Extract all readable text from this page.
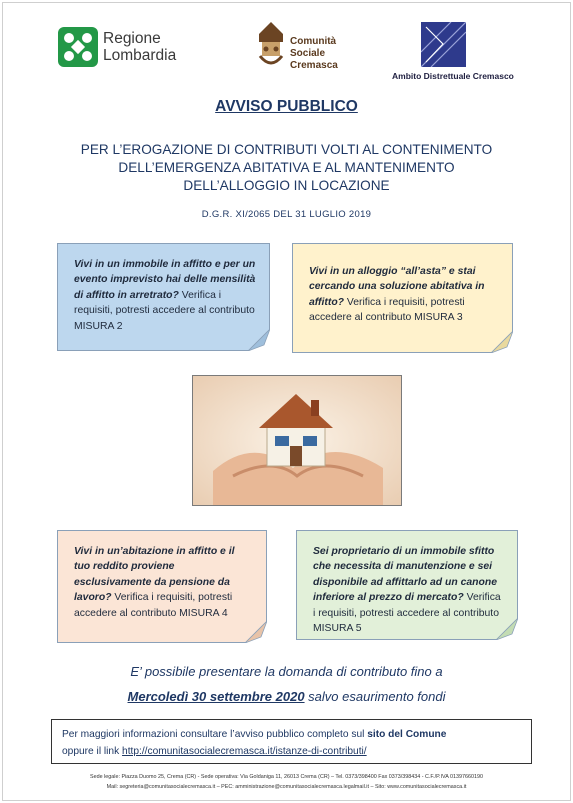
Regione
Lombardia
Comunità
Sociale
Cremasca
Ambito Distrettuale Cremasco
AVVISO PUBBLICO
PER L’EROGAZIONE DI CONTRIBUTI VOLTI AL CONTENIMENTO
DELL’EMERGENZA ABITATIVA E AL MANTENIMENTO
DELL’ALLOGGIO IN LOCAZIONE
D.G.R. XI/2065 DEL 31 LUGLIO 2019
Vivi in un immobile in affitto e per un evento imprevisto hai delle mensilità di affitto in arretrato? Verifica i requisiti, potresti accedere al contributo MISURA 2
Vivi in un alloggio “all’asta” e stai cercando una soluzione abitativa in affitto? Verifica i requisiti, potresti accedere al contributo MISURA 3
Vivi in un’abitazione in affitto e il tuo reddito proviene esclusivamente da pensione da lavoro? Verifica i requisiti, potresti accedere al contributo MISURA 4
Sei proprietario di un immobile sfitto che necessita di manutenzione e sei disponibile ad affittarlo ad un canone inferiore al prezzo di mercato? Verifica i requisiti, potresti accedere al contributo MISURA 5
E’ possibile presentare la domanda di contributo fino a
Mercoledì 30 settembre 2020 salvo esaurimento fondi
Per maggiori informazioni consultare l’avviso pubblico completo sul sito del Comune
oppure il link http://comunitasocialecremasca.it/istanze-di-contributi/
Sede legale: Piazza Duomo 25, Crema (CR) - Sede operativa: Via Goldaniga 11, 26013 Crema (CR) – Tel. 0373/398400 Fax 0373/398434 - C.F./P.IVA 01397660190
Mail: segreteria@comunitasocialecremasca.it – PEC: amministrazione@comunitasocialecremasca.legalmail.it – Sito: www.comunitasocialecremasca.it
